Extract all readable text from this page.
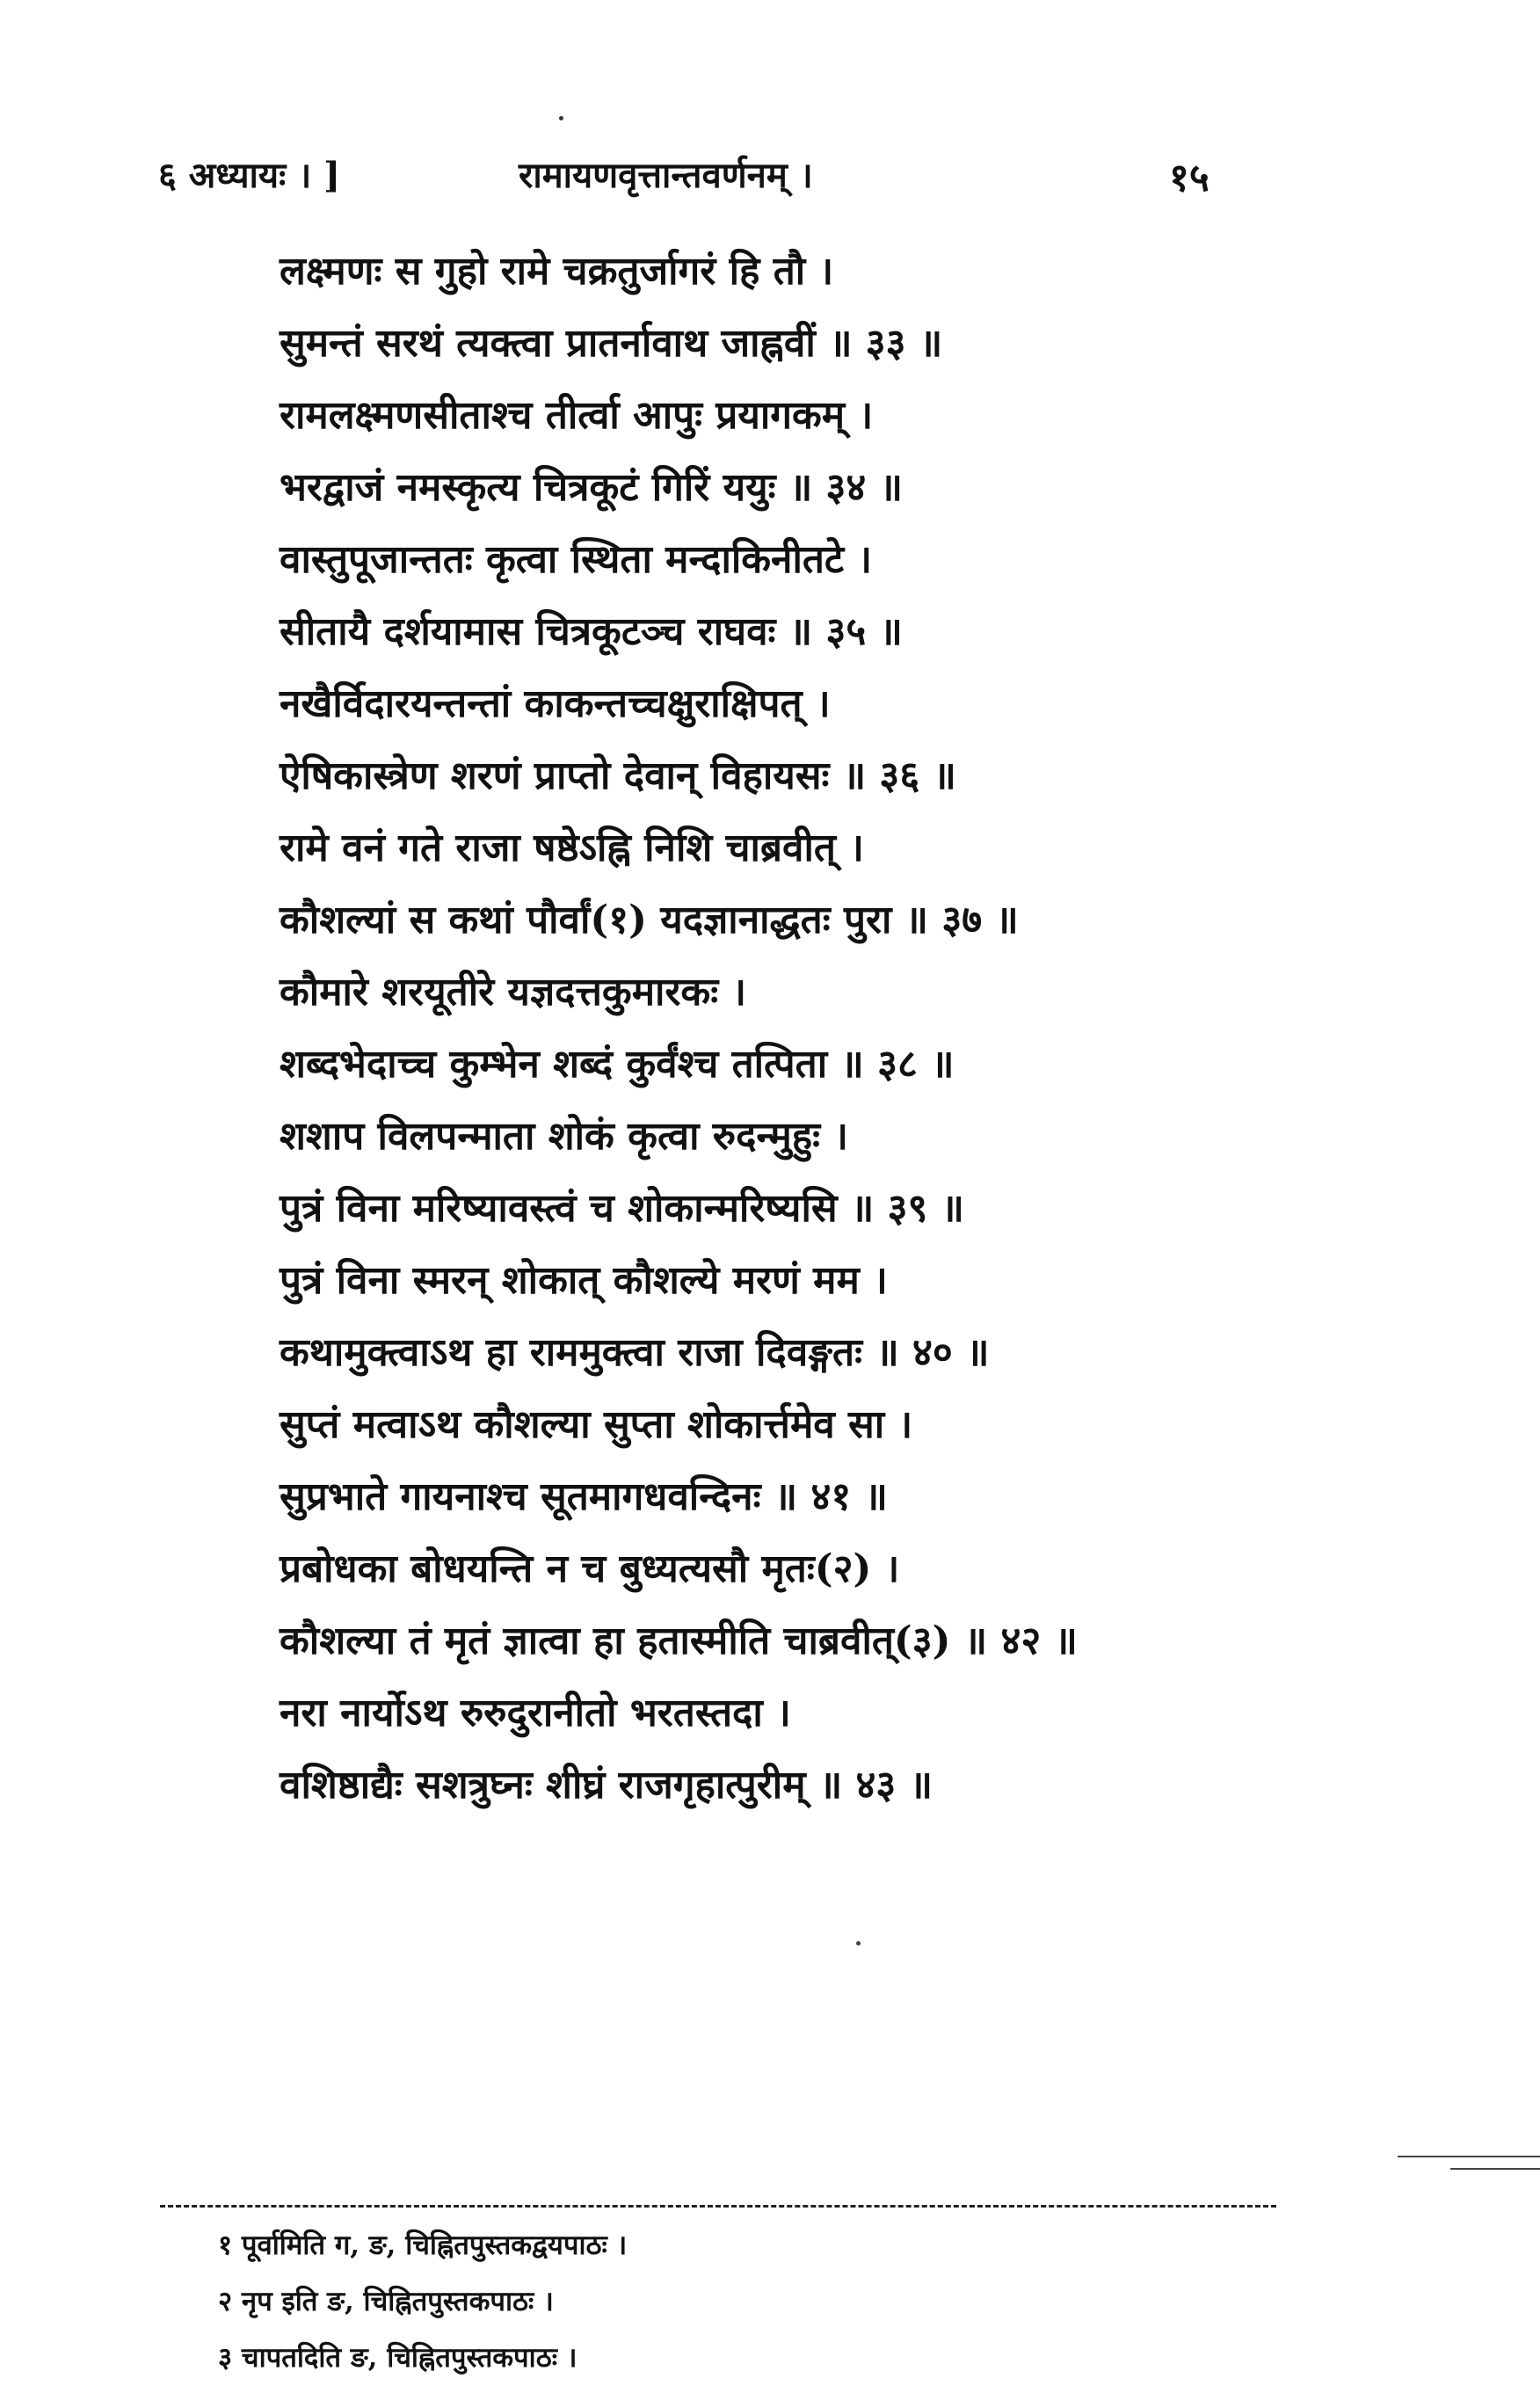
६ अध्यायः । ]	रामायणवृत्तान्तवर्णनम् ।	१५
लक्ष्मणः स गुहो रामे चक्रतुर्जागरं हि तौ ।
सुमन्तं सरथं त्यक्त्वा प्रातर्नावाथ जाह्नवीं ॥ ३३ ॥
रामलक्ष्मणसीताश्च तीर्त्वा आपुः प्रयागकम् ।
भरद्वाजं नमस्कृत्य चित्रकूटं गिरिं ययुः ॥ ३४ ॥
वास्तुपूजान्ततः कृत्वा स्थिता मन्दाकिनीतटे ।
सीतायै दर्शयामास चित्रकूटञ्च राघवः ॥ ३५ ॥
नखैर्विदारयन्तन्तां काकन्तच्चक्षुराक्षिपत् ।
ऐषिकास्त्रेण शरणं प्राप्तो देवान् विहायसः ॥ ३६ ॥
रामे वनं गते राजा षष्ठेऽह्नि निशि चाब्रवीत् ।
कौशल्यां स कथां पौर्वां(१) यदज्ञानाद्धतः पुरा ॥ ३७ ॥
कौमारे शरयूतीरे यज्ञदत्तकुमारकः ।
शब्दभेदाच्च कुम्भेन शब्दं कुर्वंश्च तत्पिता ॥ ३८ ॥
शशाप विलपन्माता शोकं कृत्वा रुदन्मुहुः ।
पुत्रं विना मरिष्यावस्त्वं च शोकान्मरिष्यसि ॥ ३९ ॥
पुत्रं विना स्मरन् शोकात् कौशल्ये मरणं मम ।
कथामुक्त्वाऽथ हा राममुक्त्वा राजा दिवङ्गतः ॥ ४० ॥
सुप्तं मत्वाऽथ कौशल्या सुप्ता शोकार्त्तमेव सा ।
सुप्रभाते गायनाश्च सूतमागधवन्दिनः ॥ ४१ ॥
प्रबोधका बोधयन्ति न च बुध्यत्यसौ मृतः(२) ।
कौशल्या तं मृतं ज्ञात्वा हा हतास्मीति चाब्रवीत्(३) ॥ ४२ ॥
नरा नार्योऽथ रुरुदुरानीतो भरतस्तदा ।
वशिष्ठाद्यैः सशत्रुघ्नः शीघ्रं राजगृहात्पुरीम् ॥ ४३ ॥
१ पूर्वामिति ग, ङ, चिह्नितपुस्तकद्वयपाठः ।
२ नृप इति ङ, चिह्नितपुस्तकपाठः ।
३ चापतदिति ङ, चिह्नितपुस्तकपाठः ।
